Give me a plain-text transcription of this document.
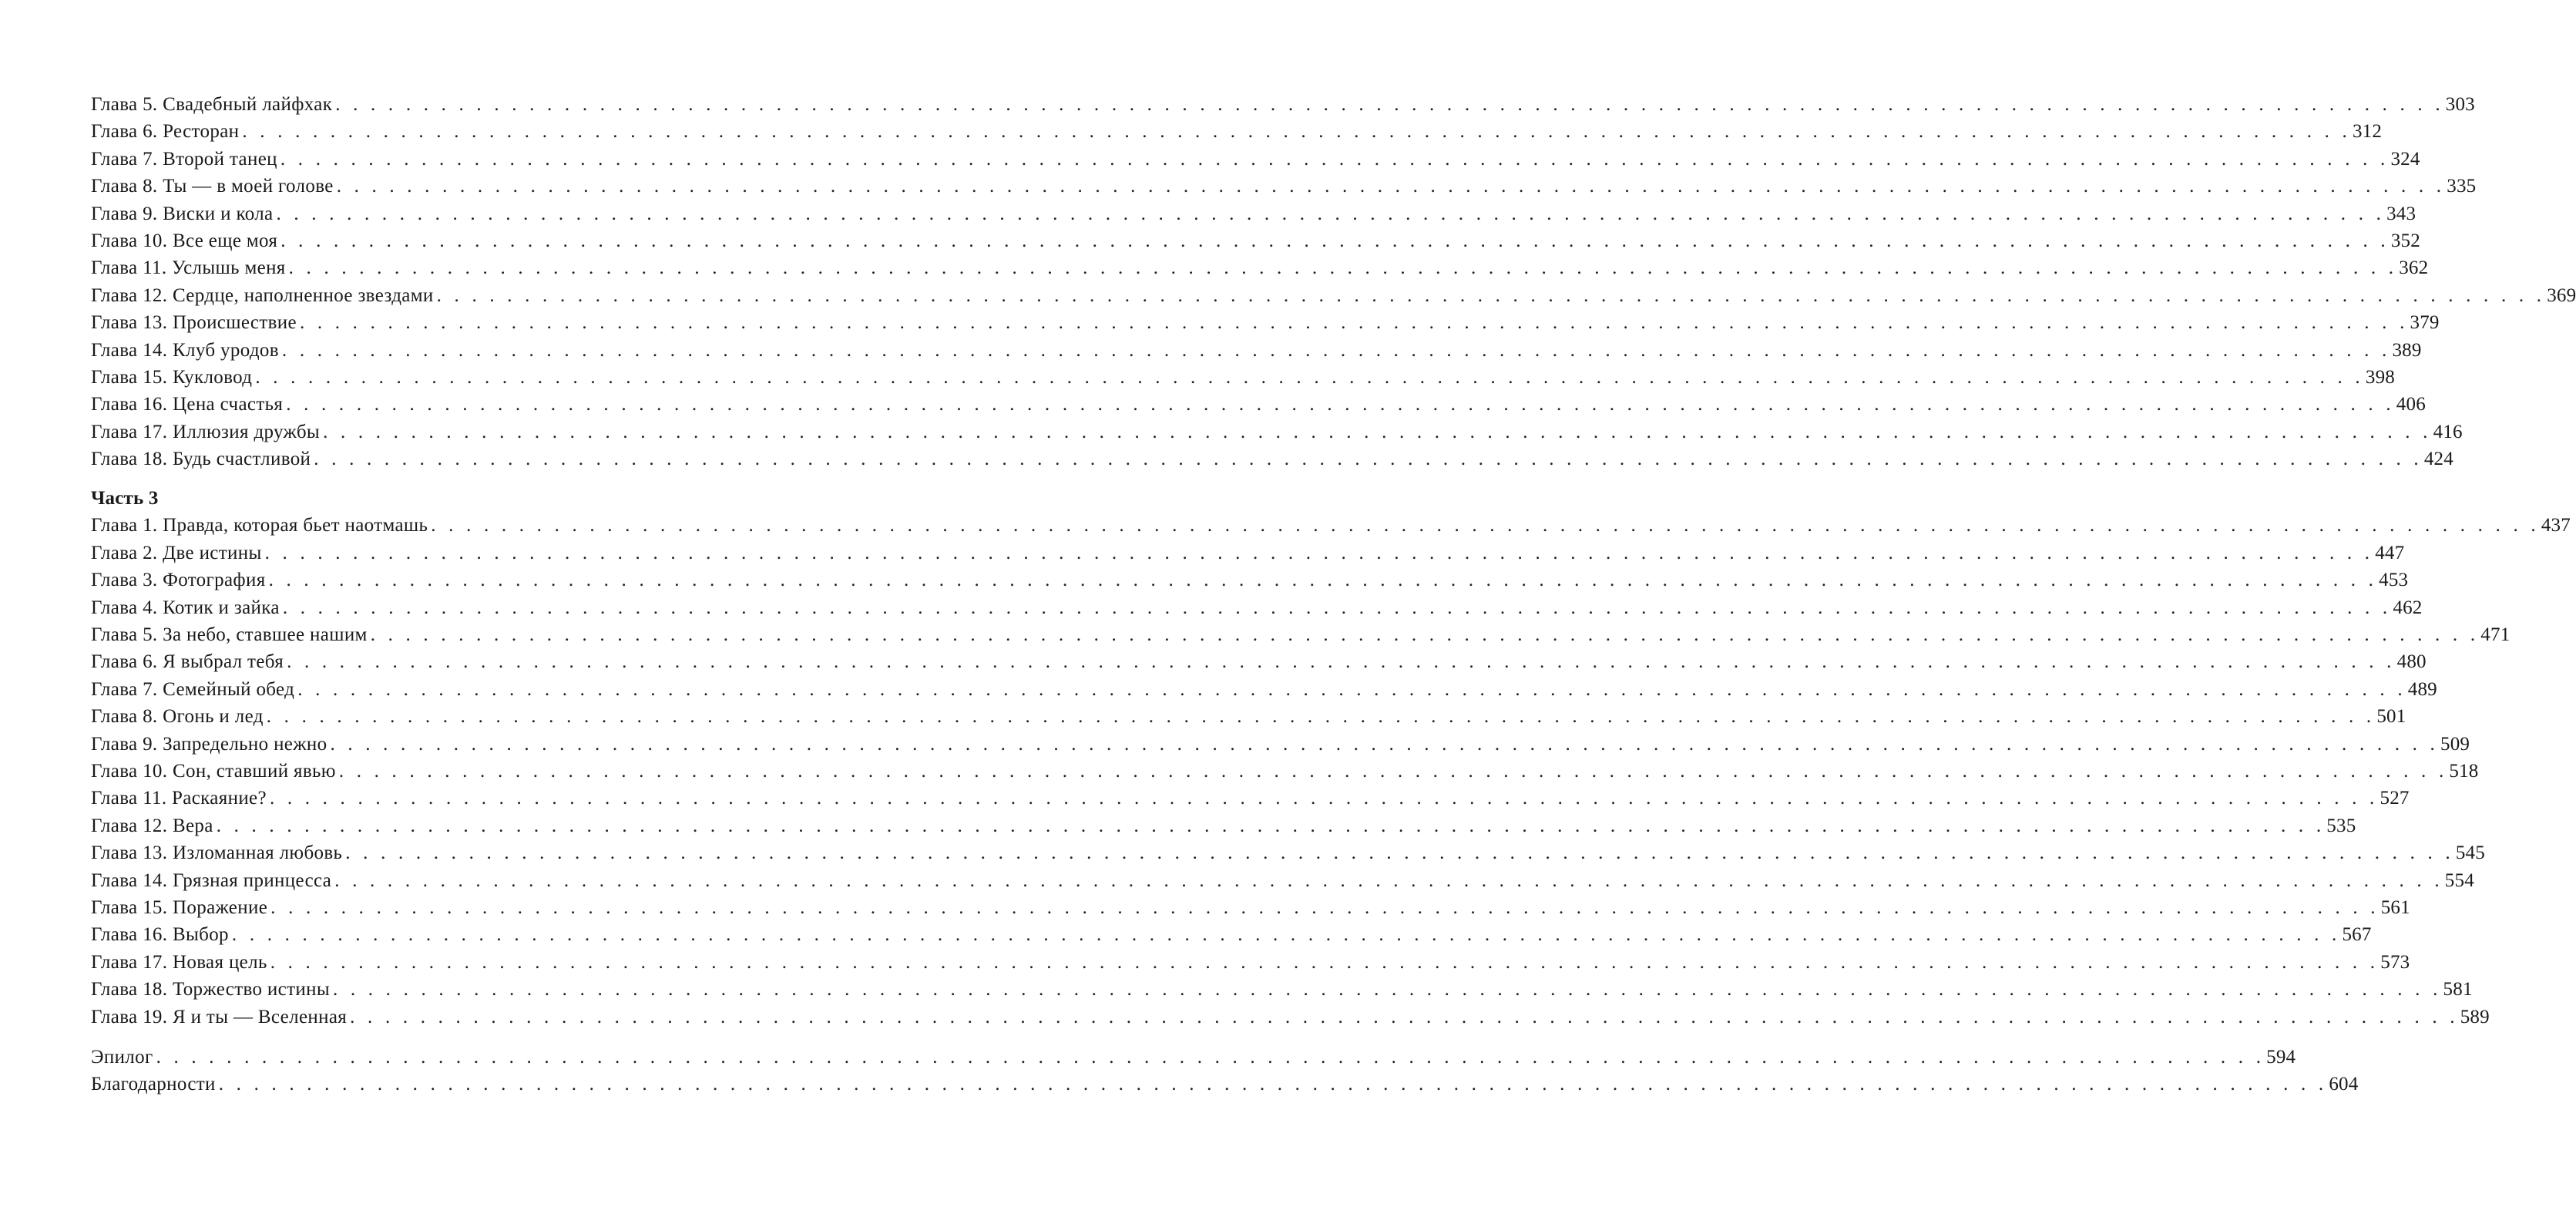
Глава 5. Свадебный лайфхак . . . . . . . . . . . . . . . . . . . . . . . . . . . . . . . . . . . . . . . . . . . . . . . . . . . . . . . . . . . . . . . . . . . . . . . . . . . . . . . . . . . . . . . . . . . . . . . . . . . . . . . . . . . . . . . . . . . . . . . . 303
Глава 6. Ресторан . . . . . . . . . . . . . . . . . . . . . . . . . . . . . . . . . . . . . . . . . . . . . . . . . . . . . . . . . . . . . . . . . . . . . . . . . . . . . . . . . . . . . . . . . . . . . . . . . . . . . . . . . . . . . . . . . . . . . . . . 312
Глава 7. Второй танец . . . . . . . . . . . . . . . . . . . . . . . . . . . . . . . . . . . . . . . . . . . . . . . . . . . . . . . . . . . . . . . . . . . . . . . . . . . . . . . . . . . . . . . . . . . . . . . . . . . . . . . . . . . . . . . . . . . . . . . . 324
Глава 8. Ты — в моей голове . . . . . . . . . . . . . . . . . . . . . . . . . . . . . . . . . . . . . . . . . . . . . . . . . . . . . . . . . . . . . . . . . . . . . . . . . . . . . . . . . . . . . . . . . . . . . . . . . . . . . . . . . . . . . . . . . . . . . . . . 335
Глава 9. Виски и кола . . . . . . . . . . . . . . . . . . . . . . . . . . . . . . . . . . . . . . . . . . . . . . . . . . . . . . . . . . . . . . . . . . . . . . . . . . . . . . . . . . . . . . . . . . . . . . . . . . . . . . . . . . . . . . . . . . . . . . . . 343
Глава 10. Все еще моя . . . . . . . . . . . . . . . . . . . . . . . . . . . . . . . . . . . . . . . . . . . . . . . . . . . . . . . . . . . . . . . . . . . . . . . . . . . . . . . . . . . . . . . . . . . . . . . . . . . . . . . . . . . . . . . . . . . . . . . . 352
Глава 11. Услышь меня . . . . . . . . . . . . . . . . . . . . . . . . . . . . . . . . . . . . . . . . . . . . . . . . . . . . . . . . . . . . . . . . . . . . . . . . . . . . . . . . . . . . . . . . . . . . . . . . . . . . . . . . . . . . . . . . . . . . . . . . 362
Глава 12. Сердце, наполненное звездами . . . . . . . . . . . . . . . . . . . . . . . . . . . . . . . . . . . . . . . . . . . . . . . . . . . . . . . . . . . . . . . . . . . . . . . . . . . . . . . . . . . . . . . . . . . . . . . . . . . . . . . . . . . . . . . . . . . . . . . . 369
Глава 13. Происшествие . . . . . . . . . . . . . . . . . . . . . . . . . . . . . . . . . . . . . . . . . . . . . . . . . . . . . . . . . . . . . . . . . . . . . . . . . . . . . . . . . . . . . . . . . . . . . . . . . . . . . . . . . . . . . . . . . . . . . . . . 379
Глава 14. Клуб уродов . . . . . . . . . . . . . . . . . . . . . . . . . . . . . . . . . . . . . . . . . . . . . . . . . . . . . . . . . . . . . . . . . . . . . . . . . . . . . . . . . . . . . . . . . . . . . . . . . . . . . . . . . . . . . . . . . . . . . . . . 389
Глава 15. Кукловод . . . . . . . . . . . . . . . . . . . . . . . . . . . . . . . . . . . . . . . . . . . . . . . . . . . . . . . . . . . . . . . . . . . . . . . . . . . . . . . . . . . . . . . . . . . . . . . . . . . . . . . . . . . . . . . . . . . . . . . . 398
Глава 16. Цена счастья . . . . . . . . . . . . . . . . . . . . . . . . . . . . . . . . . . . . . . . . . . . . . . . . . . . . . . . . . . . . . . . . . . . . . . . . . . . . . . . . . . . . . . . . . . . . . . . . . . . . . . . . . . . . . . . . . . . . . . . . 406
Глава 17. Иллюзия дружбы . . . . . . . . . . . . . . . . . . . . . . . . . . . . . . . . . . . . . . . . . . . . . . . . . . . . . . . . . . . . . . . . . . . . . . . . . . . . . . . . . . . . . . . . . . . . . . . . . . . . . . . . . . . . . . . . . . . . . . . . 416
Глава 18. Будь счастливой . . . . . . . . . . . . . . . . . . . . . . . . . . . . . . . . . . . . . . . . . . . . . . . . . . . . . . . . . . . . . . . . . . . . . . . . . . . . . . . . . . . . . . . . . . . . . . . . . . . . . . . . . . . . . . . . . . . . . . . . 424
Часть 3
Глава 1. Правда, которая бьет наотмашь . . . . . . . . . . . . . . . . . . . . . . . . . . . . . . . . . . . . . . . . . . . . . . . . . . . . . . . . . . . . . . . . . . . . . . . . . . . . . . . . . . . . . . . . . . . . . . . . . . . . . . . . . . . . . . . . . . . . . . . . 437
Глава 2. Две истины . . . . . . . . . . . . . . . . . . . . . . . . . . . . . . . . . . . . . . . . . . . . . . . . . . . . . . . . . . . . . . . . . . . . . . . . . . . . . . . . . . . . . . . . . . . . . . . . . . . . . . . . . . . . . . . . . . . . . . . . 447
Глава 3. Фотография . . . . . . . . . . . . . . . . . . . . . . . . . . . . . . . . . . . . . . . . . . . . . . . . . . . . . . . . . . . . . . . . . . . . . . . . . . . . . . . . . . . . . . . . . . . . . . . . . . . . . . . . . . . . . . . . . . . . . . . . 453
Глава 4. Котик и зайка . . . . . . . . . . . . . . . . . . . . . . . . . . . . . . . . . . . . . . . . . . . . . . . . . . . . . . . . . . . . . . . . . . . . . . . . . . . . . . . . . . . . . . . . . . . . . . . . . . . . . . . . . . . . . . . . . . . . . . . . 462
Глава 5. За небо, ставшее нашим . . . . . . . . . . . . . . . . . . . . . . . . . . . . . . . . . . . . . . . . . . . . . . . . . . . . . . . . . . . . . . . . . . . . . . . . . . . . . . . . . . . . . . . . . . . . . . . . . . . . . . . . . . . . . . . . . . . . . . . . 471
Глава 6. Я выбрал тебя . . . . . . . . . . . . . . . . . . . . . . . . . . . . . . . . . . . . . . . . . . . . . . . . . . . . . . . . . . . . . . . . . . . . . . . . . . . . . . . . . . . . . . . . . . . . . . . . . . . . . . . . . . . . . . . . . . . . . . . . 480
Глава 7. Семейный обед . . . . . . . . . . . . . . . . . . . . . . . . . . . . . . . . . . . . . . . . . . . . . . . . . . . . . . . . . . . . . . . . . . . . . . . . . . . . . . . . . . . . . . . . . . . . . . . . . . . . . . . . . . . . . . . . . . . . . . . . 489
Глава 8. Огонь и лед . . . . . . . . . . . . . . . . . . . . . . . . . . . . . . . . . . . . . . . . . . . . . . . . . . . . . . . . . . . . . . . . . . . . . . . . . . . . . . . . . . . . . . . . . . . . . . . . . . . . . . . . . . . . . . . . . . . . . . . . 501
Глава 9. Запредельно нежно . . . . . . . . . . . . . . . . . . . . . . . . . . . . . . . . . . . . . . . . . . . . . . . . . . . . . . . . . . . . . . . . . . . . . . . . . . . . . . . . . . . . . . . . . . . . . . . . . . . . . . . . . . . . . . . . . . . . . . . . 509
Глава 10. Сон, ставший явью . . . . . . . . . . . . . . . . . . . . . . . . . . . . . . . . . . . . . . . . . . . . . . . . . . . . . . . . . . . . . . . . . . . . . . . . . . . . . . . . . . . . . . . . . . . . . . . . . . . . . . . . . . . . . . . . . . . . . . . . 518
Глава 11. Раскаяние? . . . . . . . . . . . . . . . . . . . . . . . . . . . . . . . . . . . . . . . . . . . . . . . . . . . . . . . . . . . . . . . . . . . . . . . . . . . . . . . . . . . . . . . . . . . . . . . . . . . . . . . . . . . . . . . . . . . . . . . . 527
Глава 12. Вера . . . . . . . . . . . . . . . . . . . . . . . . . . . . . . . . . . . . . . . . . . . . . . . . . . . . . . . . . . . . . . . . . . . . . . . . . . . . . . . . . . . . . . . . . . . . . . . . . . . . . . . . . . . . . . . . . . . . . . . . 535
Глава 13. Изломанная любовь . . . . . . . . . . . . . . . . . . . . . . . . . . . . . . . . . . . . . . . . . . . . . . . . . . . . . . . . . . . . . . . . . . . . . . . . . . . . . . . . . . . . . . . . . . . . . . . . . . . . . . . . . . . . . . . . . . . . . . . . 545
Глава 14. Грязная принцесса . . . . . . . . . . . . . . . . . . . . . . . . . . . . . . . . . . . . . . . . . . . . . . . . . . . . . . . . . . . . . . . . . . . . . . . . . . . . . . . . . . . . . . . . . . . . . . . . . . . . . . . . . . . . . . . . . . . . . . . . 554
Глава 15. Поражение . . . . . . . . . . . . . . . . . . . . . . . . . . . . . . . . . . . . . . . . . . . . . . . . . . . . . . . . . . . . . . . . . . . . . . . . . . . . . . . . . . . . . . . . . . . . . . . . . . . . . . . . . . . . . . . . . . . . . . . . 561
Глава 16. Выбор . . . . . . . . . . . . . . . . . . . . . . . . . . . . . . . . . . . . . . . . . . . . . . . . . . . . . . . . . . . . . . . . . . . . . . . . . . . . . . . . . . . . . . . . . . . . . . . . . . . . . . . . . . . . . . . . . . . . . . . . 567
Глава 17. Новая цель . . . . . . . . . . . . . . . . . . . . . . . . . . . . . . . . . . . . . . . . . . . . . . . . . . . . . . . . . . . . . . . . . . . . . . . . . . . . . . . . . . . . . . . . . . . . . . . . . . . . . . . . . . . . . . . . . . . . . . . . 573
Глава 18. Торжество истины . . . . . . . . . . . . . . . . . . . . . . . . . . . . . . . . . . . . . . . . . . . . . . . . . . . . . . . . . . . . . . . . . . . . . . . . . . . . . . . . . . . . . . . . . . . . . . . . . . . . . . . . . . . . . . . . . . . . . . . . 581
Глава 19. Я и ты — Вселенная . . . . . . . . . . . . . . . . . . . . . . . . . . . . . . . . . . . . . . . . . . . . . . . . . . . . . . . . . . . . . . . . . . . . . . . . . . . . . . . . . . . . . . . . . . . . . . . . . . . . . . . . . . . . . . . . . . . . . . . . 589
Эпилог . . . . . . . . . . . . . . . . . . . . . . . . . . . . . . . . . . . . . . . . . . . . . . . . . . . . . . . . . . . . . . . . . . . . . . . . . . . . . . . . . . . . . . . . . . . . . . . . . . . . . . . . . . . . . . . . . . . . . . . . 594
Благодарности . . . . . . . . . . . . . . . . . . . . . . . . . . . . . . . . . . . . . . . . . . . . . . . . . . . . . . . . . . . . . . . . . . . . . . . . . . . . . . . . . . . . . . . . . . . . . . . . . . . . . . . . . . . . . . . . . . . . . . . . 604
